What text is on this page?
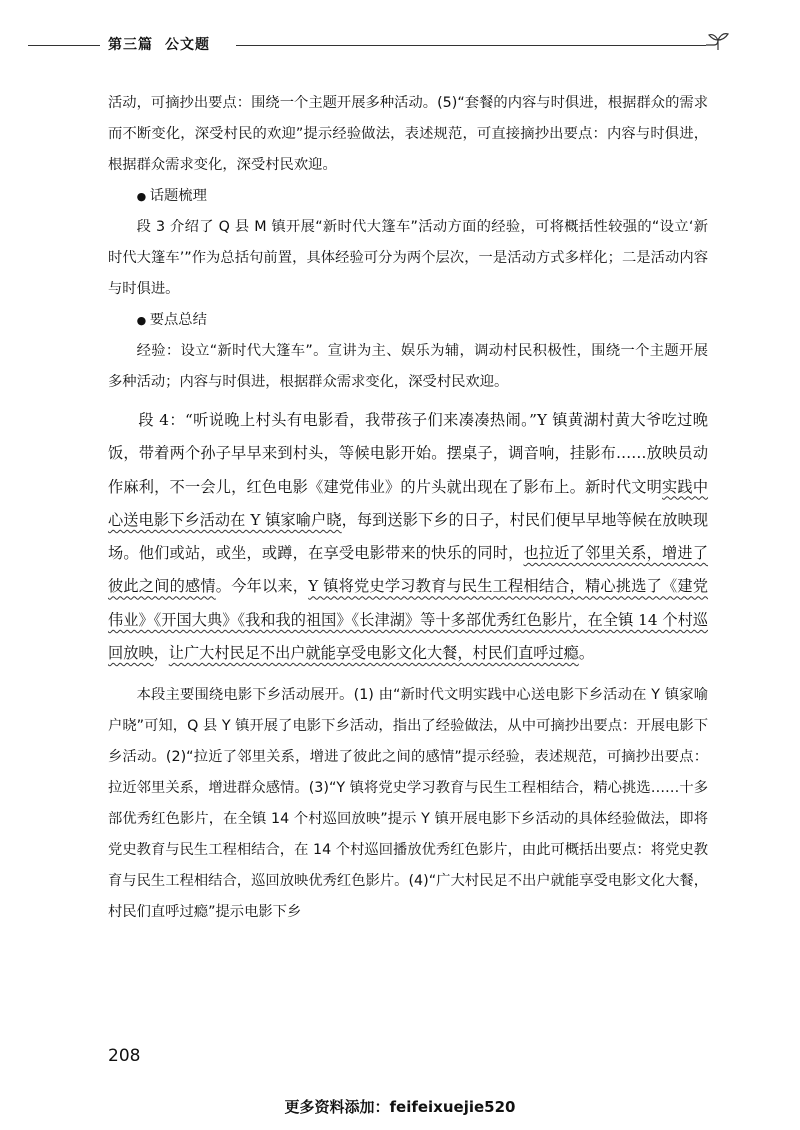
第三篇 公文题

活动，可摘抄出要点：围绕一个主题开展多种活动。(5)“套餐的内容与时俱进，根据群众的需求而不断变化，深受村民的欢迎”提示经验做法，表述规范，可直接摘抄出要点：内容与时俱进，根据群众需求变化，深受村民欢迎。

● 话题梳理

段 3 介绍了 Q 县 M 镇开展“新时代大篷车”活动方面的经验，可将概括性较强的“设立‘新时代大篷车’”作为总括句前置，具体经验可分为两个层次，一是活动方式多样化；二是活动内容与时俱进。

● 要点总结

经验：设立“新时代大篷车”。宣讲为主、娱乐为辅，调动村民积极性，围绕一个主题开展多种活动；内容与时俱进，根据群众需求变化，深受村民欢迎。

段 4：“听说晚上村头有电影看，我带孩子们来凑凑热闹。”Y 镇黄湖村黄大爷吃过晚饭，带着两个孙子早早来到村头，等候电影开始。摆桌子，调音响，挂影布……放映员动作麻利，不一会儿，红色电影《建党伟业》的片头就出现在了影布上。新时代文明实践中心送电影下乡活动在 Y 镇家喻户晓，每到送影下乡的日子，村民们便早早地等候在放映现场。他们或站，或坐，或蹲，在享受电影带来的快乐的同时，也拉近了邻里关系，增进了彼此之间的感情。今年以来，Y 镇将党史学习教育与民生工程相结合，精心挑选了《建党伟业》《开国大典》《我和我的祖国》《长津湖》等十多部优秀红色影片，在全镇 14 个村巡回放映，让广大村民足不出户就能享受电影文化大餐，村民们直呼过瘾。

本段主要围绕电影下乡活动展开。(1) 由“新时代文明实践中心送电影下乡活动在 Y 镇家喻户晓”可知，Q 县 Y 镇开展了电影下乡活动，指出了经验做法，从中可摘抄出要点：开展电影下乡活动。(2)“拉近了邻里关系，增进了彼此之间的感情”提示经验，表述规范，可摘抄出要点：拉近邻里关系，增进群众感情。(3)“Y 镇将党史学习教育与民生工程相结合，精心挑选……十多部优秀红色影片，在全镇 14 个村巡回放映”提示 Y 镇开展电影下乡活动的具体经验做法，即将党史教育与民生工程相结合，在 14 个村巡回播放优秀红色影片，由此可概括出要点：将党史教育与民生工程相结合，巡回放映优秀红色影片。(4)“广大村民足不出户就能享受电影文化大餐，村民们直呼过瘾”提示电影下乡

208
更多资料添加：feifeixuejie520
